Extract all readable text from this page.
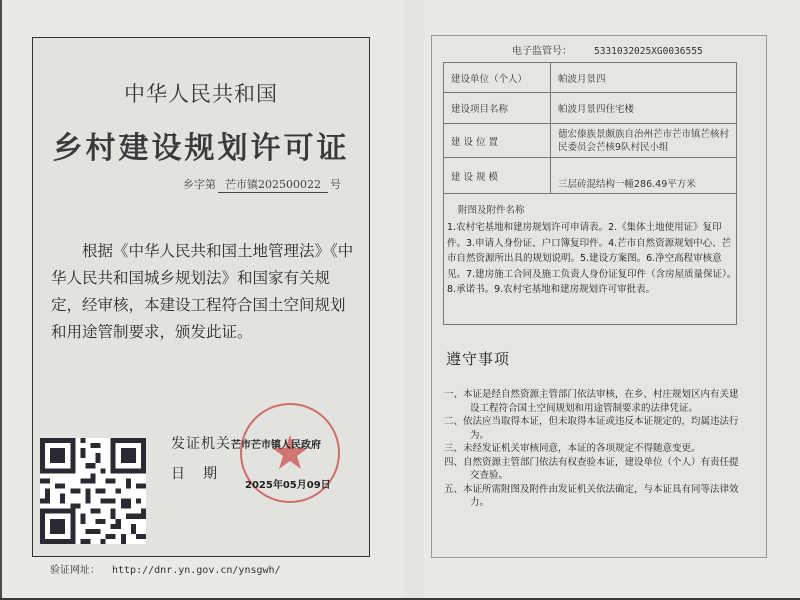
中华人民共和国
乡村建设规划许可证
乡字第 芒市镇202500022 号
根据《中华人民共和国土地管理法》《中华人民共和国城乡规划法》和国家有关规定，经审核，本建设工程符合国土空间规划和用途管制要求，颁发此证。
发证机关 芒市芒市镇人民政府
日期
2025年05月09日
验证网址： http://dnr.yn.gov.cn/ynsgwh/
电子监管号： 5331032025XG0036555
建设单位（个人）	帕波月景四
建设项目名称	帕波月景四住宅楼
建 设 位 置	德宏傣族景颇族自治州芒市芒市镇芒核村民委员会芒核9队村民小组
建 设 规 模	三层砖混结构一幢286.49平方米
附图及附件名称
1.农村宅基地和建房规划许可申请表。2.《集体土地使用证》复印件。3.申请人身份证、户口簿复印件。4.芒市自然资源规划中心、芒市自然资源所出具的规划说明。5.建设方案图。6.净空高程审核意见。7.建房施工合同及施工负责人身份证复印件（含房屋质量保证）。8.承诺书。9.农村宅基地和建房规划许可审批表。
遵守事项
一、本证是经自然资源主管部门依法审核，在乡、村庄规划区内有关建设工程符合国土空间规划和用途管制要求的法律凭证。
二、依法应当取得本证，但未取得本证或违反本证规定的，均属违法行为。
三、未经发证机关审核同意，本证的各项规定不得随意变更。
四、自然资源主管部门依法有权查验本证，建设单位（个人）有责任提交查验。
五、本证所需附图及附件由发证机关依法确定，与本证具有同等法律效力。
